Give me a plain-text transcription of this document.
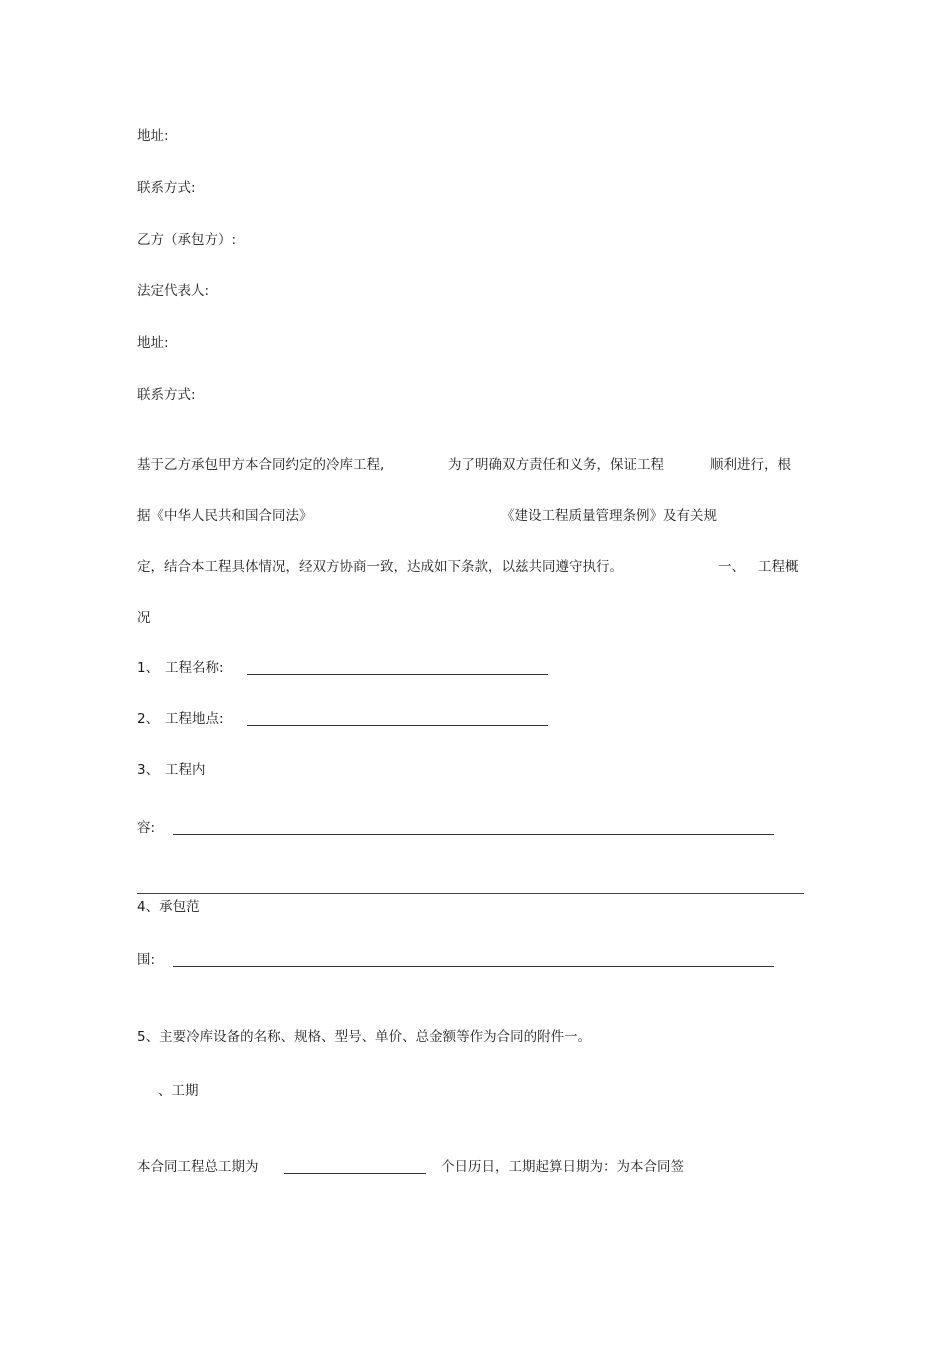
地址:
联系方式:
乙方（承包方）:
法定代表人:
地址:
联系方式:
基于乙方承包甲方本合同约定的冷库工程,	为了明确双方责任和义务，保证工程	顺利进行，根
据《中华人民共和国合同法》	《建设工程质量管理条例》及有关规
定，结合本工程具体情况，经双方协商一致，达成如下条款，以兹共同遵守执行。	一、 工程概
况
1、 工程名称:
2、 工程地点:
3、 工程内
容:
4、承包范
围:
5、主要冷库设备的名称、规格、型号、单价、总金额等作为合同的附件一。
、工期
本合同工程总工期为	个日历日，工期起算日期为：为本合同签
